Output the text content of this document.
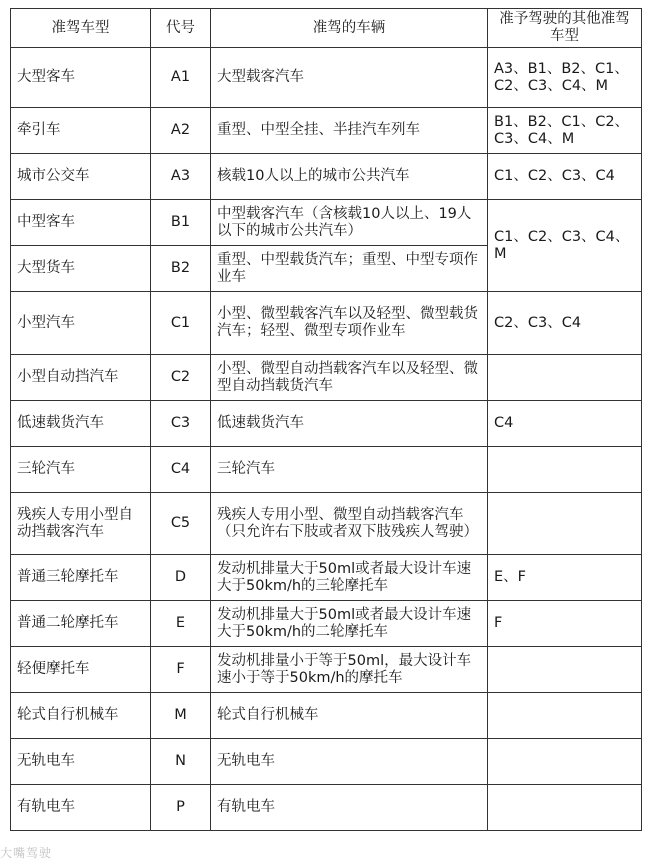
准驾车型	代号	准驾的车辆	准予驾驶的其他准驾车型
大型客车	A1	大型载客汽车	A3、B1、B2、C1、C2、C3、C4、M
牵引车	A2	重型、中型全挂、半挂汽车列车	B1、B2、C1、C2、C3、C4、M
城市公交车	A3	核载10人以上的城市公共汽车	C1、C2、C3、C4
中型客车	B1	中型载客汽车（含核载10人以上、19人以下的城市公共汽车）	C1、C2、C3、C4、M
大型货车	B2	重型、中型载货汽车；重型、中型专项作业车	
小型汽车	C1	小型、微型载客汽车以及轻型、微型载货汽车；轻型、微型专项作业车	C2、C3、C4
小型自动挡汽车	C2	小型、微型自动挡载客汽车以及轻型、微型自动挡载货汽车	
低速载货汽车	C3	低速载货汽车	C4
三轮汽车	C4	三轮汽车	
残疾人专用小型自动挡载客汽车	C5	残疾人专用小型、微型自动挡载客汽车（只允许右下肢或者双下肢残疾人驾驶）	
普通三轮摩托车	D	发动机排量大于50ml或者最大设计车速大于50km/h的三轮摩托车	E、F
普通二轮摩托车	E	发动机排量大于50ml或者最大设计车速大于50km/h的二轮摩托车	F
轻便摩托车	F	发动机排量小于等于50ml，最大设计车速小于等于50km/h的摩托车	
轮式自行机械车	M	轮式自行机械车	
无轨电车	N	无轨电车	
有轨电车	P	有轨电车	
大嘴驾驶
